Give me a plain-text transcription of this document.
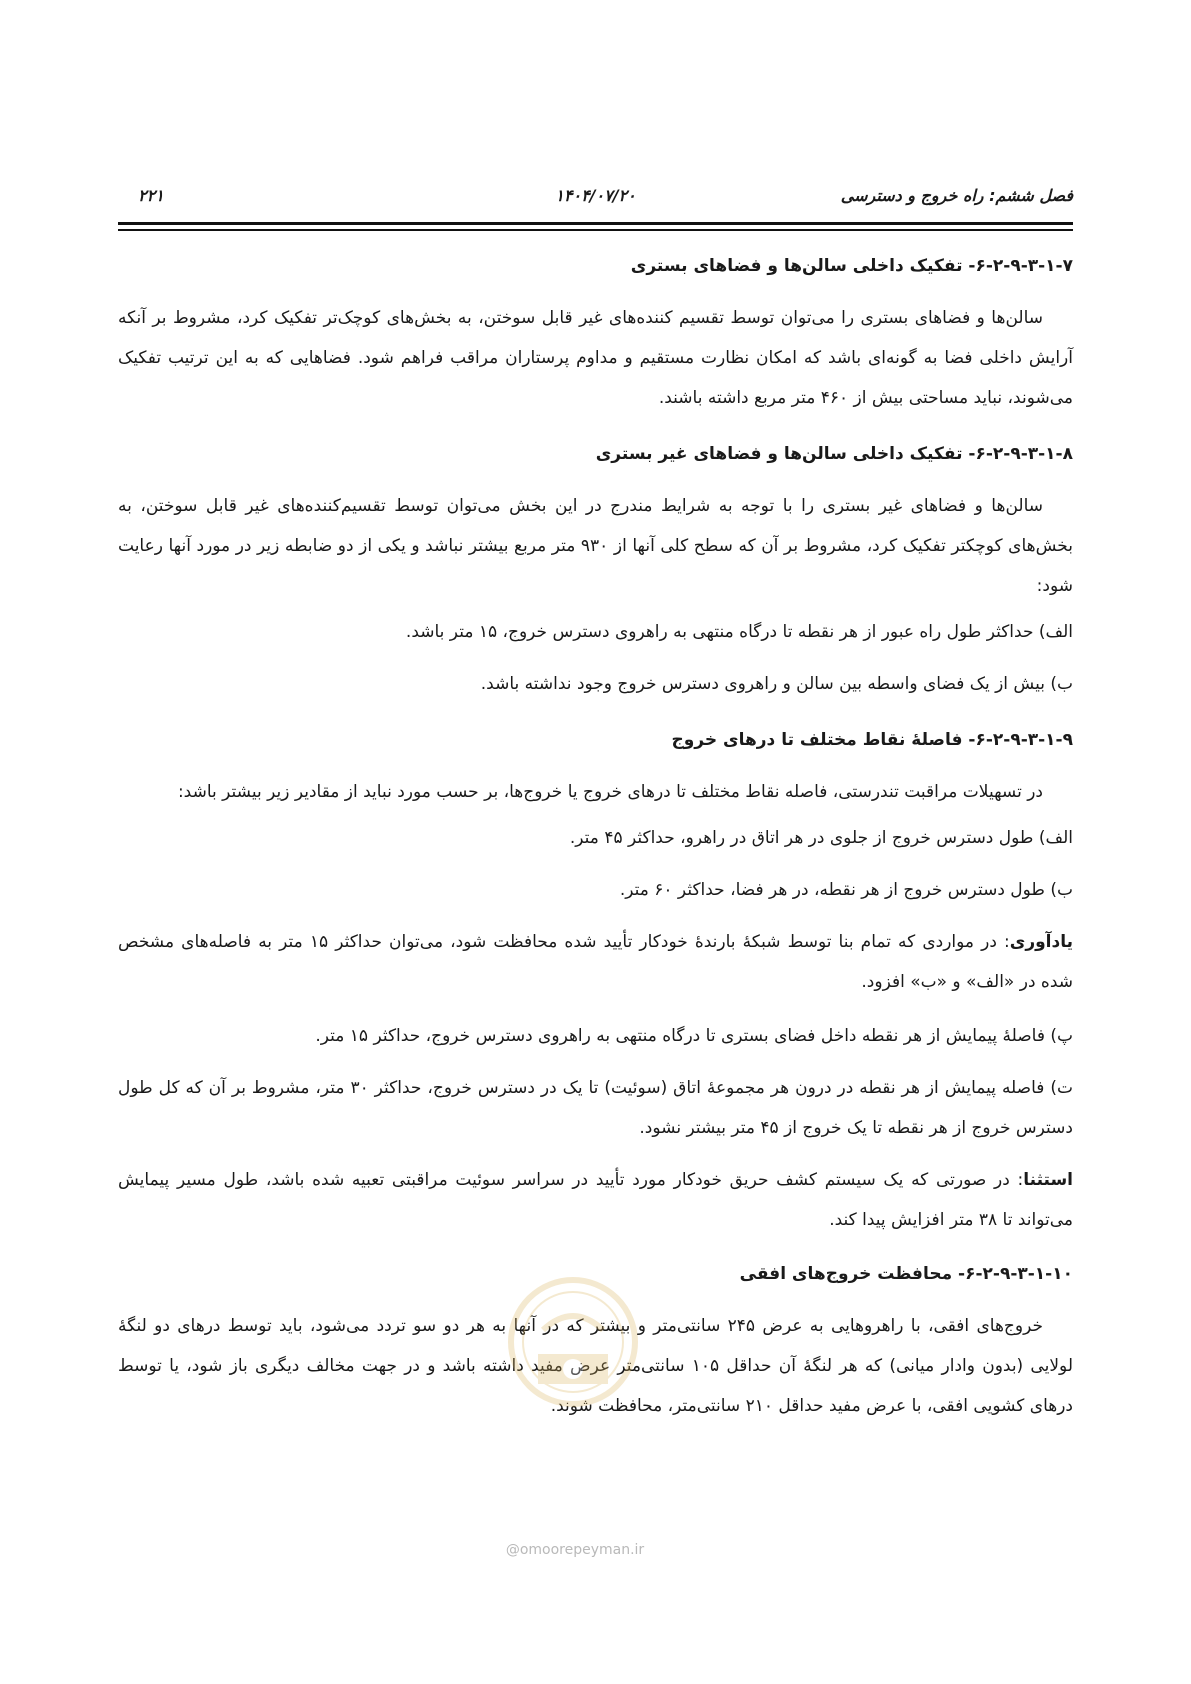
فصل ششم: راه خروج و دسترسی
۱۴۰۴/۰۷/۲۰
۲۲۱
۶-۲-۹-۳-۱-۷- تفکیک داخلی سالن‌ها و فضاهای بستری
سالن‌ها و فضاهای بستری را می‌توان توسط تقسیم کننده‌های غیر قابل سوختن، به بخش‌های کوچک‌تر تفکیک کرد، مشروط بر آنکه آرایش داخلی فضا به گونه‌ای باشد که امکان نظارت مستقیم و مداوم پرستاران مراقب فراهم شود. فضاهایی که به این ترتیب تفکیک می‌شوند، نباید مساحتی بیش از ۴۶۰ متر مربع داشته باشند.
۶-۲-۹-۳-۱-۸- تفکیک داخلی سالن‌ها و فضاهای غیر بستری
سالن‌ها و فضاهای غیر بستری را با توجه به شرایط مندرج در این بخش می‌توان توسط تقسیم‌کننده‌های غیر قابل سوختن، به بخش‌های کوچکتر تفکیک کرد، مشروط بر آن که سطح کلی آنها از ۹۳۰ متر مربع بیشتر نباشد و یکی از دو ضابطه زیر در مورد آنها رعایت شود:
الف) حداکثر طول راه عبور از هر نقطه تا درگاه منتهی به راهروی دسترس خروج، ۱۵ متر باشد.
ب) بیش از یک فضای واسطه بین سالن و راهروی دسترس خروج وجود نداشته باشد.
۶-۲-۹-۳-۱-۹- فاصلهٔ نقاط مختلف تا درهای خروج
در تسهیلات مراقبت تندرستی، فاصله نقاط مختلف تا درهای خروج یا خروج‌ها، بر حسب مورد نباید از مقادیر زیر بیشتر باشد:
الف) طول دسترس خروج از جلوی در هر اتاق در راهرو، حداکثر ۴۵ متر.
ب) طول دسترس خروج از هر نقطه، در هر فضا، حداکثر ۶۰ متر.
یادآوری: در مواردی که تمام بنا توسط شبکهٔ بارندهٔ خودکار تأیید شده محافظت شود، می‌توان حداکثر ۱۵ متر به فاصله‌های مشخص شده در «الف» و «ب» افزود.
پ) فاصلهٔ پیمایش از هر نقطه داخل فضای بستری تا درگاه منتهی به راهروی دسترس خروج، حداکثر ۱۵ متر.
ت) فاصله پیمایش از هر نقطه در درون هر مجموعهٔ اتاق (سوئیت) تا یک در دسترس خروج، حداکثر ۳۰ متر، مشروط بر آن که کل طول دسترس خروج از هر نقطه تا یک خروج از ۴۵ متر بیشتر نشود.
استثنا: در صورتی که یک سیستم کشف حریق خودکار مورد تأیید در سراسر سوئیت مراقبتی تعبیه شده باشد، طول مسیر پیمایش می‌تواند تا ۳۸ متر افزایش پیدا کند.
۶-۲-۹-۳-۱-۱۰- محافظت خروج‌های افقی
خروج‌های افقی، با راهروهایی به عرض ۲۴۵ سانتی‌متر و بیشتر که در آنها به هر دو سو تردد می‌شود، باید توسط درهای دو لنگهٔ لولایی (بدون وادار میانی) که هر لنگهٔ آن حداقل ۱۰۵ سانتی‌متر عرض مفید داشته باشد و در جهت مخالف دیگری باز شود، یا توسط درهای کشویی افقی، با عرض مفید حداقل ۲۱۰ سانتی‌متر، محافظت شوند.
@omoorepeyman.ir
